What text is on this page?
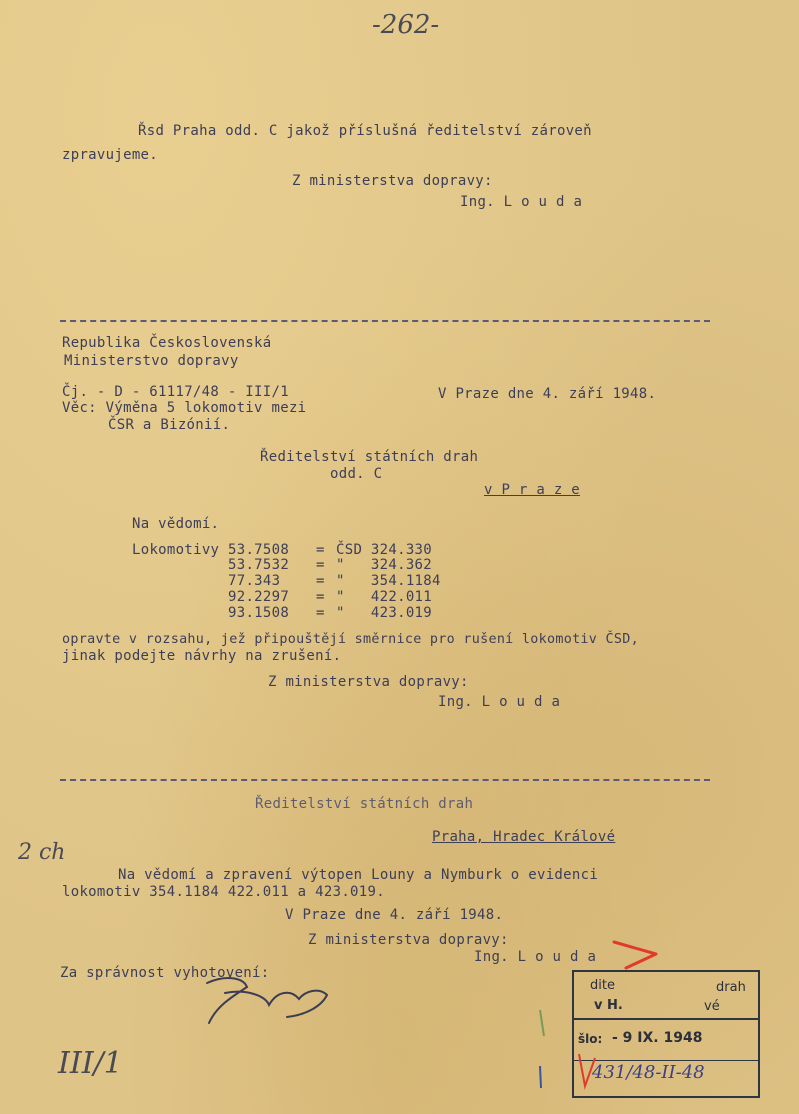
-262-
Řsd Praha odd. C jakož příslušná ředitelství zároveň
zpravujeme.
Z ministerstva dopravy:
Ing. L o u d a
Republika Československá
Ministerstvo dopravy
Čj. - D - 61117/48 - III/1	V Praze dne 4. září 1948.
Věc: Výměna 5 lokomotiv mezi
ČSR a Bizónií.
Ředitelství státních drah
odd. C
v P r a z e
Na vědomí.
Lokomotivy 53.7508 = ČSD 324.330
53.7532 = "   324.362
77.343	= "   354.1184
92.2297 = "   422.011
93.1508 = "   423.019
opravte v rozsahu, jež připouštějí směrnice pro rušení lokomotiv ČSD,
jinak podejte návrhy na zrušení.
Z ministerstva dopravy:
Ing. L o u d a
Ředitelství státních drah
Praha, Hradec Králové
Na vědomí a zpravení výtopen Louny a Nymburk o evidenci
lokomotiv 354.1184 422.011 a 423.019.
V Praze dne 4. září 1948.
Z ministerstva dopravy:
Ing. L o u d a
Za správnost vyhotovení:
2 ch
III/1
dite	drah
v H.	vé
šlo: - 9 IX. 1948
431/48-II-48
